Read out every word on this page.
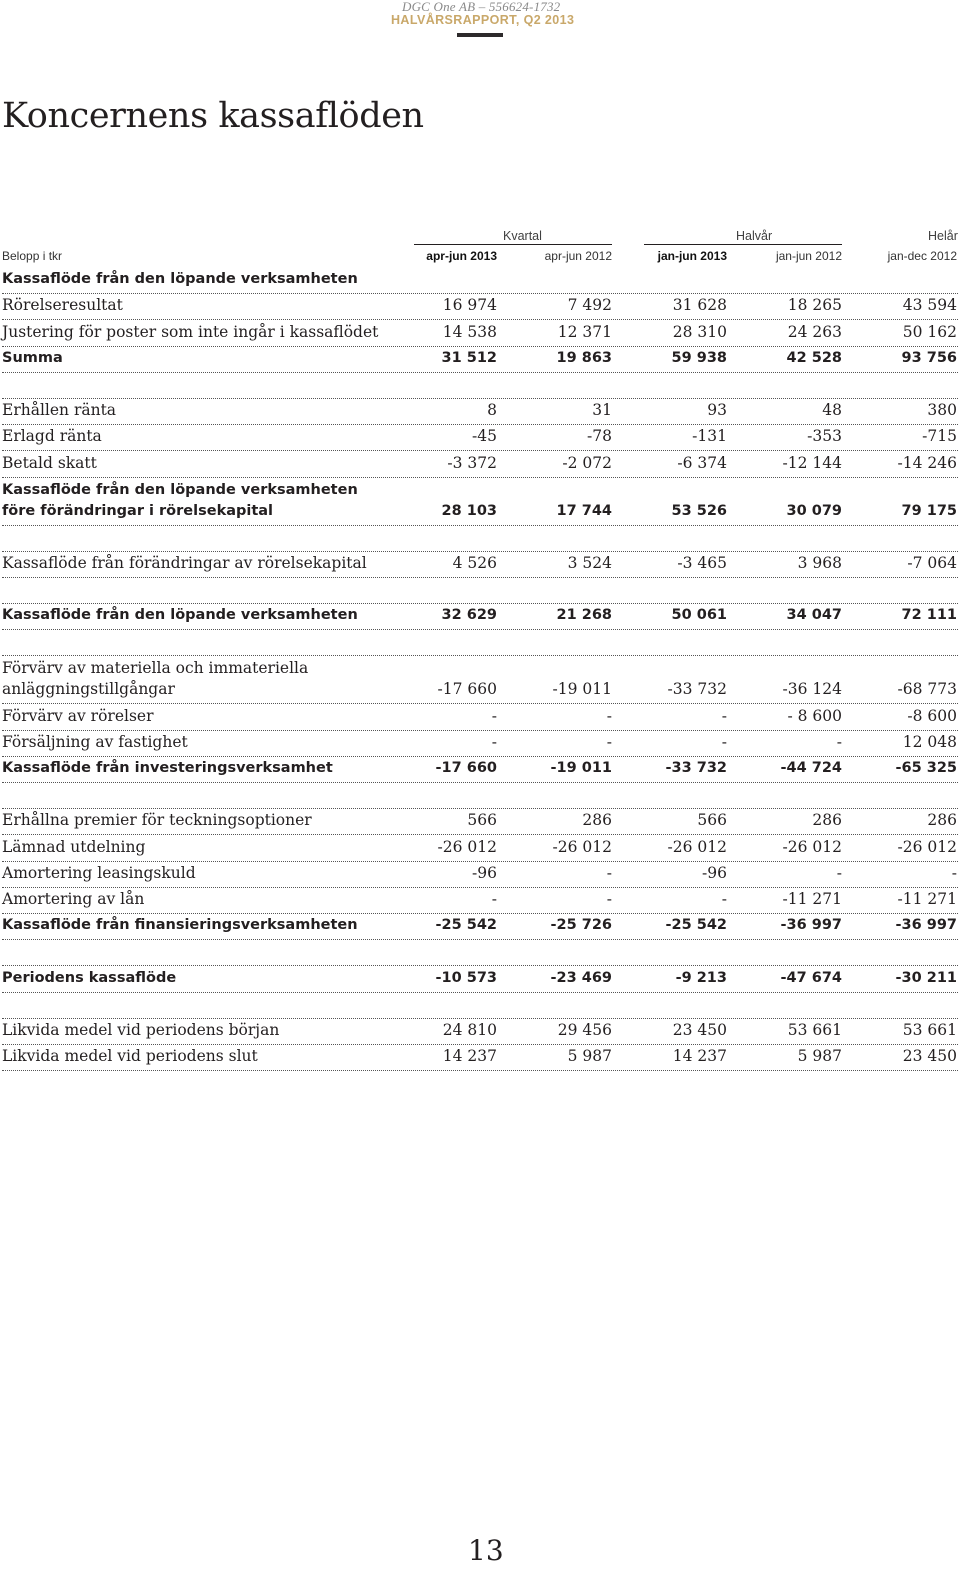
DGC One AB – 556624-1732
HALVÅRSRAPPORT, Q2 2013
Koncernens kassaflöden
Kvartal	Halvår	Helår
Belopp i tkr	apr-jun 2013	apr-jun 2012	jan-jun 2013	jan-jun 2012	jan-dec 2012
Kassaflöde från den löpande verksamheten
Rörelseresultat	16 974	7 492	31 628	18 265	43 594
Justering för poster som inte ingår i kassaflödet	14 538	12 371	28 310	24 263	50 162
Summa	31 512	19 863	59 938	42 528	93 756
Erhållen ränta	8	31	93	48	380
Erlagd ränta	-45	-78	-131	-353	-715
Betald skatt	-3 372	-2 072	-6 374	-12 144	-14 246
Kassaflöde från den löpande verksamheten före förändringar i rörelsekapital	28 103	17 744	53 526	30 079	79 175
Kassaflöde från förändringar av rörelsekapital	4 526	3 524	-3 465	3 968	-7 064
Kassaflöde från den löpande verksamheten	32 629	21 268	50 061	34 047	72 111
Förvärv av materiella och immateriella anläggningstillgångar	-17 660	-19 011	-33 732	-36 124	-68 773
Förvärv av rörelser	-	-	-	- 8 600	-8 600
Försäljning av fastighet	-	-	-	-	12 048
Kassaflöde från investeringsverksamhet	-17 660	-19 011	-33 732	-44 724	-65 325
Erhållna premier för teckningsoptioner	566	286	566	286	286
Lämnad utdelning	-26 012	-26 012	-26 012	-26 012	-26 012
Amortering leasingskuld	-96	-	-96	-	-
Amortering av lån	-	-	-	-11 271	-11 271
Kassaflöde från finansieringsverksamheten	-25 542	-25 726	-25 542	-36 997	-36 997
Periodens kassaflöde	-10 573	-23 469	-9 213	-47 674	-30 211
Likvida medel vid periodens början	24 810	29 456	23 450	53 661	53 661
Likvida medel vid periodens slut	14 237	5 987	14 237	5 987	23 450
13
